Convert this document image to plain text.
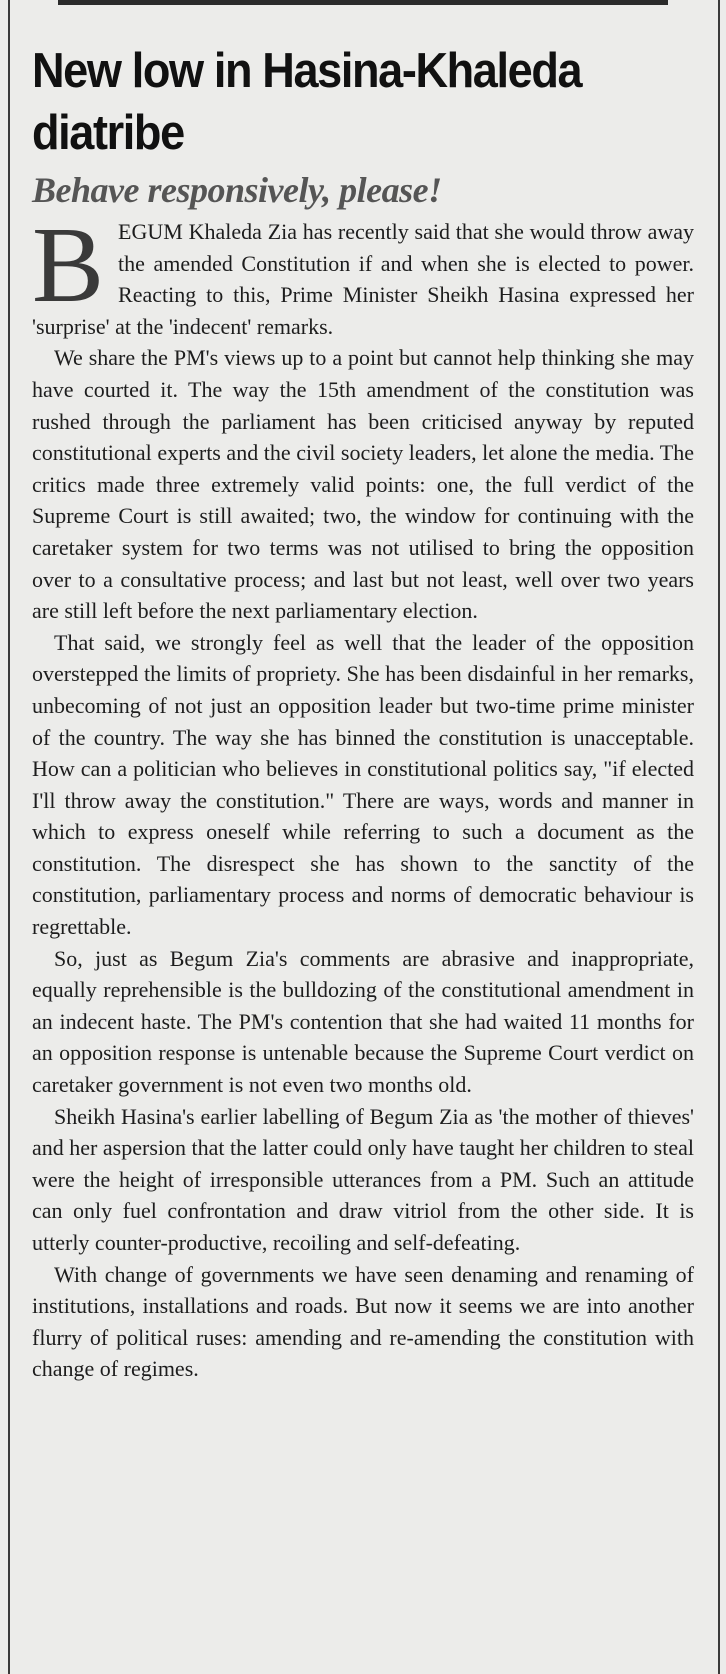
New low in Hasina-Khaleda diatribe
Behave responsively, please!

BEGUM Khaleda Zia has recently said that she would throw away the amended Constitution if and when she is elected to power. Reacting to this, Prime Minister Sheikh Hasina expressed her 'surprise' at the 'indecent' remarks.

We share the PM's views up to a point but cannot help thinking she may have courted it. The way the 15th amendment of the constitution was rushed through the parliament has been criticised anyway by reputed constitutional experts and the civil society leaders, let alone the media. The critics made three extremely valid points: one, the full verdict of the Supreme Court is still awaited; two, the window for continuing with the caretaker system for two terms was not utilised to bring the opposition over to a consultative process; and last but not least, well over two years are still left before the next parliamentary election.

That said, we strongly feel as well that the leader of the opposition overstepped the limits of propriety. She has been disdainful in her remarks, unbecoming of not just an opposition leader but two-time prime minister of the country. The way she has binned the constitution is unacceptable. How can a politician who believes in constitutional politics say, "if elected I'll throw away the constitution." There are ways, words and manner in which to express oneself while referring to such a document as the constitution. The disrespect she has shown to the sanctity of the constitution, parliamentary process and norms of democratic behaviour is regrettable.

So, just as Begum Zia's comments are abrasive and inappropriate, equally reprehensible is the bulldozing of the constitutional amendment in an indecent haste. The PM's contention that she had waited 11 months for an opposition response is untenable because the Supreme Court verdict on caretaker government is not even two months old.

Sheikh Hasina's earlier labelling of Begum Zia as 'the mother of thieves' and her aspersion that the latter could only have taught her children to steal were the height of irresponsible utterances from a PM. Such an attitude can only fuel confrontation and draw vitriol from the other side. It is utterly counter-productive, recoiling and self-defeating.

With change of governments we have seen denaming and renaming of institutions, installations and roads. But now it seems we are into another flurry of political ruses: amending and re-amending the constitution with change of regimes.
